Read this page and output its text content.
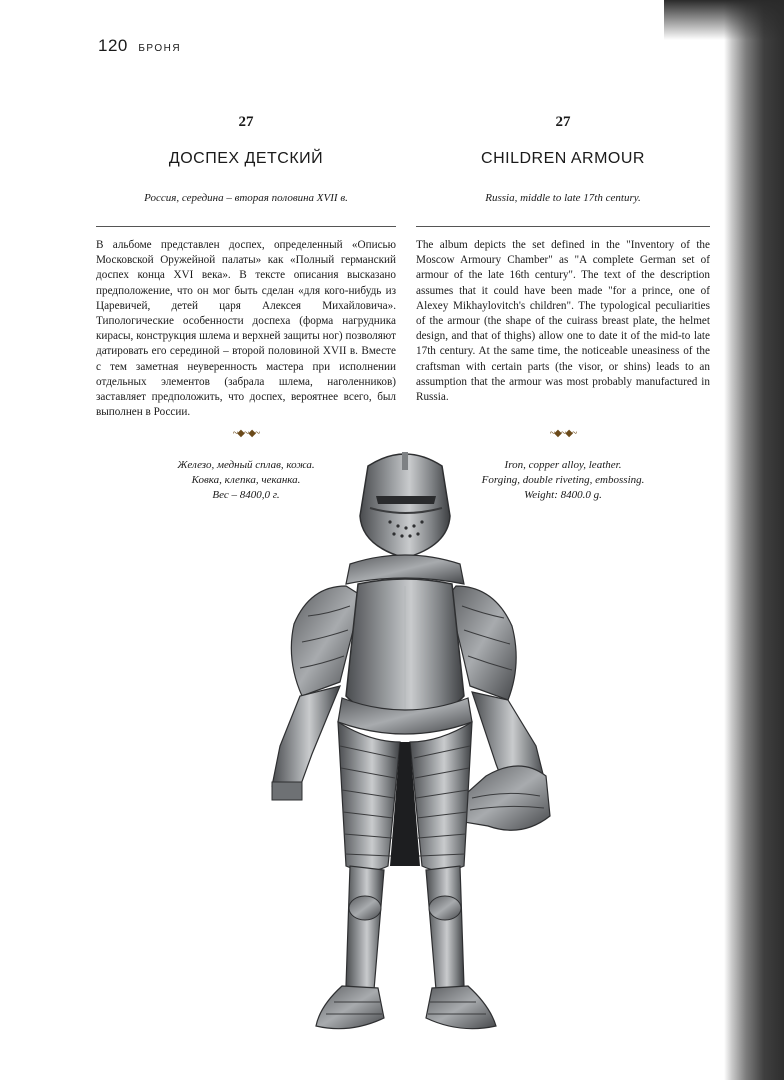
120 БРОНЯ
27
ДОСПЕХ ДЕТСКИЙ
Россия, середина – вторая половина XVII в.
В альбоме представлен доспех, определенный «Описью Московской Оружейной палаты» как «Полный германский доспех конца XVI века». В тексте описания высказано предположение, что он мог быть сделан «для кого-нибудь из Царевичей, детей царя Алексея Михайловича». Типологические особенности доспеха (форма нагрудника кирасы, конструкция шлема и верхней защиты ног) позволяют датировать его серединой – второй половиной XVII в. Вместе с тем заметная неуверенность мастера при исполнении отдельных элементов (забрала шлема, наголенников) заставляет предположить, что доспех, вероятнее всего, был выполнен в России.
~◆~◆~
Железо, медный сплав, кожа.
Ковка, клепка, чеканка.
Вес – 8400,0 г.
27
CHILDREN ARMOUR
Russia, middle to late 17th century.
The album depicts the set defined in the "Inventory of the Moscow Armoury Chamber" as "A complete German set of armour of the late 16th century". The text of the description assumes that it could have been made "for a prince, one of Alexey Mikhaylovitch's children". The typological peculiarities of the armour (the shape of the cuirass breast plate, the helmet design, and that of thighs) allow one to date it of the mid-to late 17th century. At the same time, the noticeable uneasiness of the craftsman with certain parts (the visor, or shins) leads to an assumption that the armour was most probably manufactured in Russia.
~◆~◆~
Iron, copper alloy, leather.
Forging, double riveting, embossing.
Weight: 8400.0 g.
